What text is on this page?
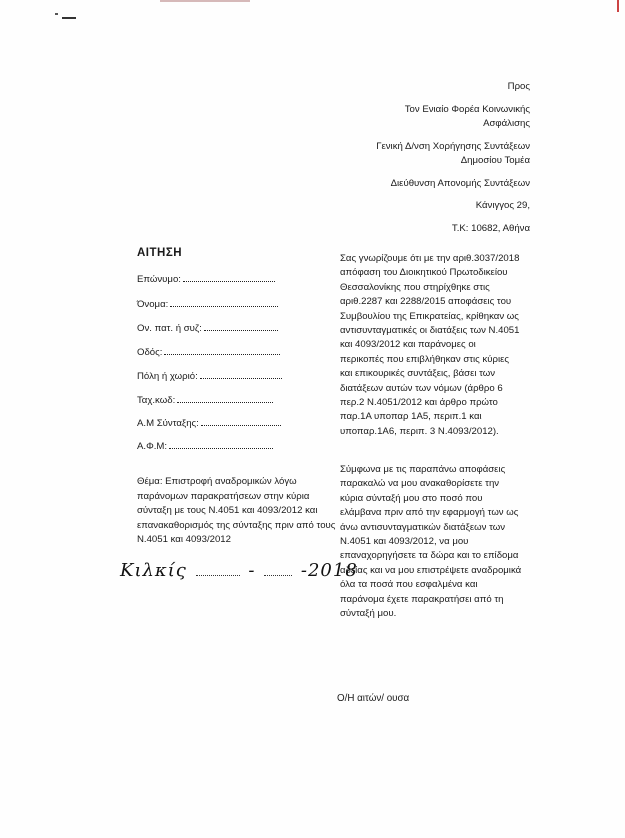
Προς
Τον Ενιαίο Φορέα Κοινωνικής
Ασφάλισης
Γενική Δ/νση Χορήγησης Συντάξεων
Δημοσίου Τομέα
Διεύθυνση Απονομής Συντάξεων
Κάνιγγος 29,
Τ.Κ: 10682, Αθήνα
ΑΙΤΗΣΗ
Επώνυμο:
Όνομα:
Ον. πατ. ή συζ:
Οδός:
Πόλη ή χωριό:
Ταχ.κωδ:
Α.Μ Σύνταξης:
Α.Φ.Μ:
Θέμα: Επιστροφή αναδρομικών λόγω παράνομων παρακρατήσεων στην κύρια σύνταξη με τους Ν.4051 και 4093/2012 και επανακαθορισμός της σύνταξης πριν από τους Ν.4051 και 4093/2012
Σας γνωρίζουμε ότι με την αριθ.3037/2018 απόφαση του Διοικητικού Πρωτοδικείου Θεσσαλονίκης που στηρίχθηκε στις αριθ.2287 και 2288/2015 αποφάσεις του Συμβουλίου της Επικρατείας, κρίθηκαν ως αντισυνταγματικές οι διατάξεις των Ν.4051 και 4093/2012 και παράνομες οι περικοπές που επιβλήθηκαν στις κύριες και επικουρικές συντάξεις, βάσει των διατάξεων αυτών των νόμων (άρθρο 6 περ.2 Ν.4051/2012 και άρθρο πρώτο παρ.1Α υποπαρ 1Α5, περιπ.1 και υποπαρ.1Α6, περιπ. 3 Ν.4093/2012).
Σύμφωνα με τις παραπάνω αποφάσεις παρακαλώ να μου ανακαθορίσετε την κύρια σύνταξή μου στο ποσό που ελάμβανα πριν από την εφαρμογή των ως άνω αντισυνταγματικών διατάξεων των Ν.4051 και 4093/2012, να μου επαναχορηγήσετε τα δώρα και το επίδομα αδείας και να μου επιστρέψετε αναδρομικά όλα τα ποσά που εσφαλμένα και παράνομα έχετε παρακρατήσει από τη σύνταξή μου.
Κιλκίς	-	-2018
Ο/Η αιτών/ ουσα
